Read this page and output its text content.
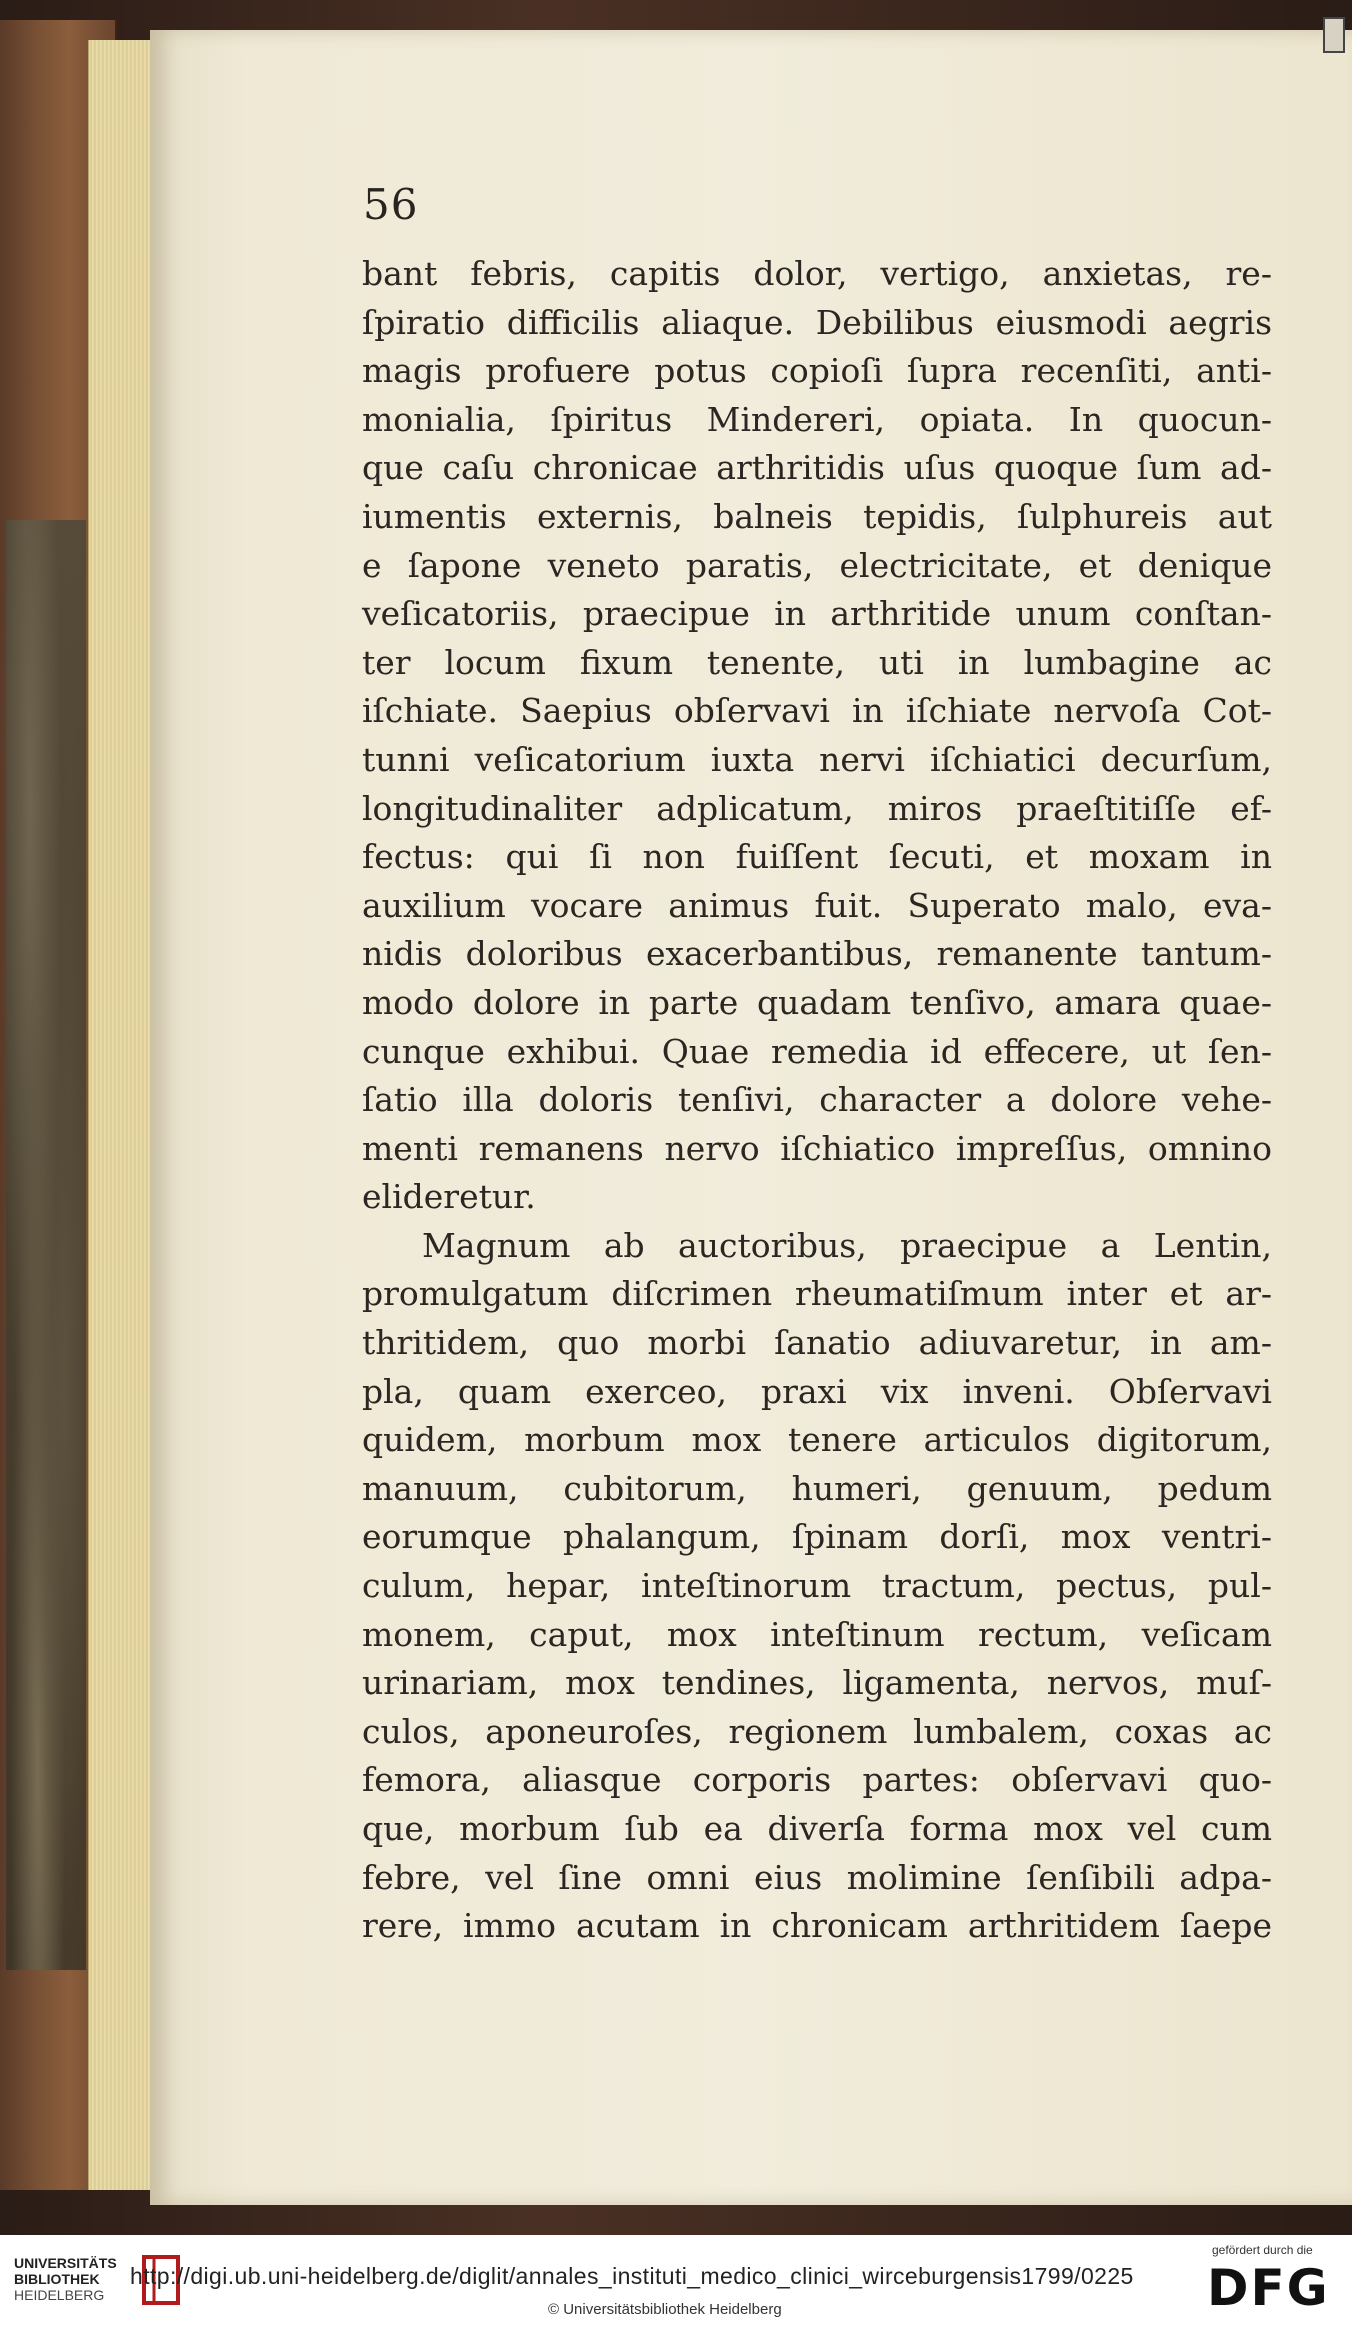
56
bant febris, capitis dolor, vertigo, anxietas, re-
ſpiratio difficilis aliaque. Debilibus eiusmodi aegris
magis profuere potus copioſi ſupra recenſiti, anti-
monialia, ſpiritus Mindereri, opiata. In quocun-
que caſu chronicae arthritidis uſus quoque ſum ad-
iumentis externis, balneis tepidis, ſulphureis aut
e ſapone veneto paratis, electricitate, et denique
veſicatoriis, praecipue in arthritide unum conſtan-
ter locum fixum tenente, uti in lumbagine ac
iſchiate. Saepius obſervavi in iſchiate nervoſa Cot-
tunni veſicatorium iuxta nervi iſchiatici decurſum,
longitudinaliter adplicatum, miros praeſtitiſſe ef-
fectus: qui ſi non fuiſſent ſecuti, et moxam in
auxilium vocare animus fuit. Superato malo, eva-
nidis doloribus exacerbantibus, remanente tantum-
modo dolore in parte quadam tenſivo, amara quae-
cunque exhibui. Quae remedia id effecere, ut ſen-
ſatio illa doloris tenſivi, character a dolore vehe-
menti remanens nervo iſchiatico impreſſus, omnino
elideretur.
Magnum ab auctoribus, praecipue a Lentin,
promulgatum diſcrimen rheumatiſmum inter et ar-
thritidem, quo morbi ſanatio adiuvaretur, in am-
pla, quam exerceo, praxi vix inveni. Obſervavi
quidem, morbum mox tenere articulos digitorum,
manuum, cubitorum, humeri, genuum, pedum
eorumque phalangum, ſpinam dorſi, mox ventri-
culum, hepar, inteſtinorum tractum, pectus, pul-
monem, caput, mox inteſtinum rectum, veſicam
urinariam, mox tendines, ligamenta, nervos, muſ-
culos, aponeuroſes, regionem lumbalem, coxas ac
femora, aliasque corporis partes: obſervavi quo-
que, morbum ſub ea diverſa forma mox vel cum
febre, vel ſine omni eius molimine ſenſibili adpa-
rere, immo acutam in chronicam arthritidem ſaepe
UNIVERSITÄTS
BIBLIOTHEK
HEIDELBERG
http://digi.ub.uni-heidelberg.de/diglit/annales_instituti_medico_clinici_wirceburgensis1799/0225
© Universitätsbibliothek Heidelberg
gefördert durch die
DFG
